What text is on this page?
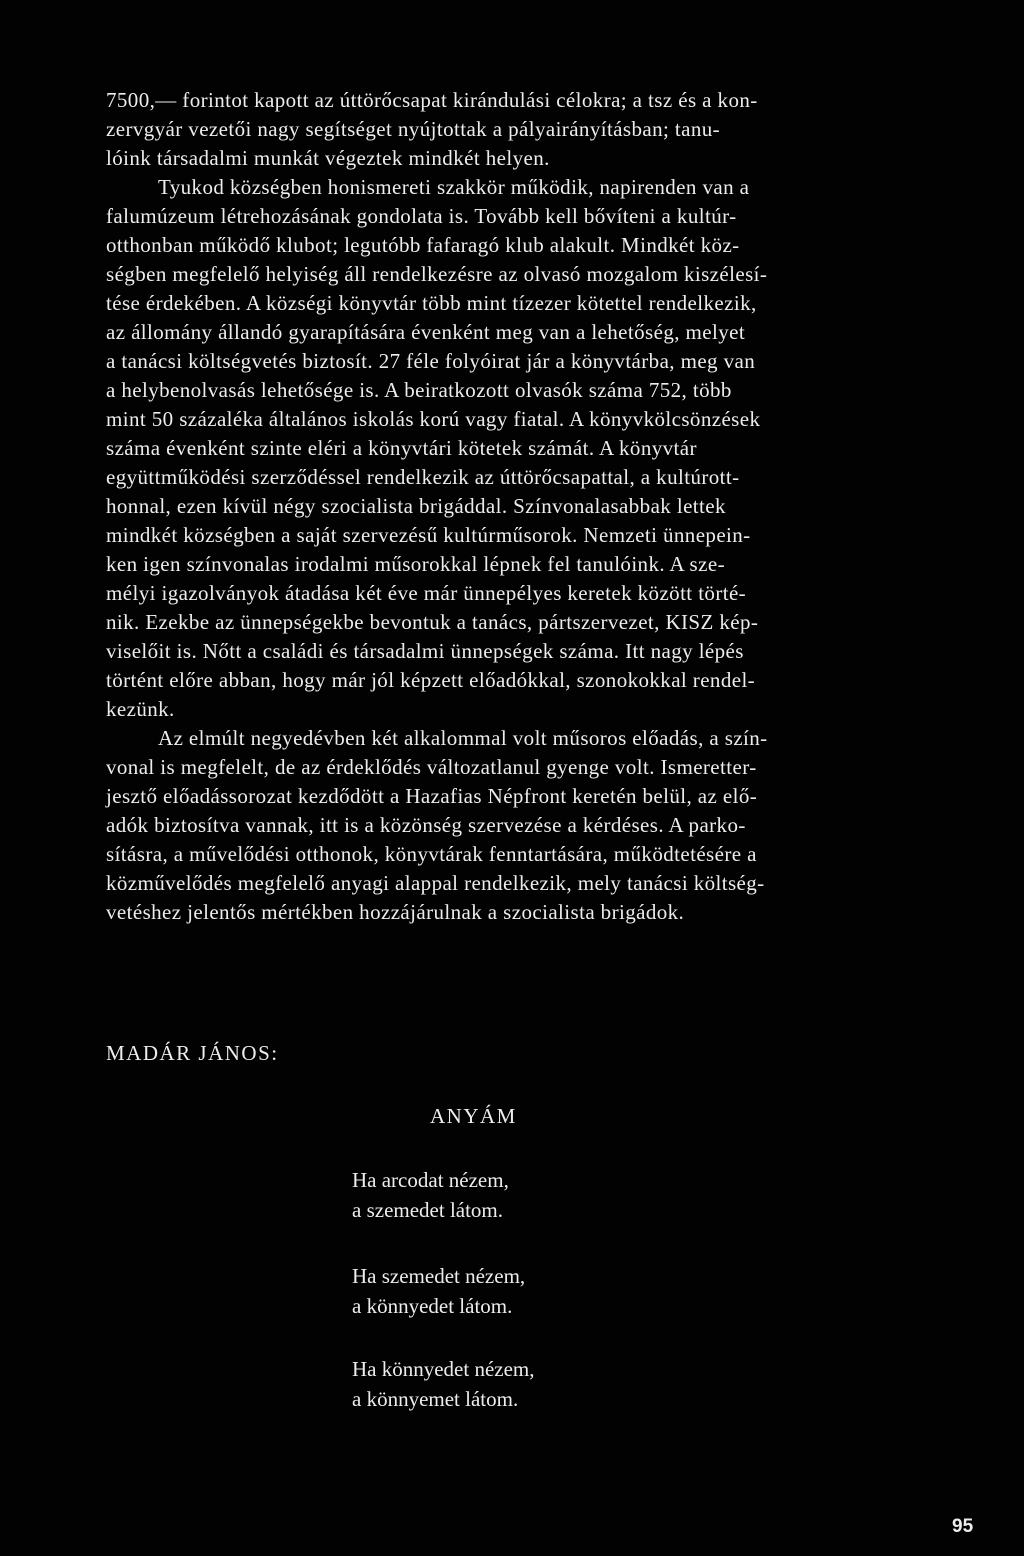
7500,— forintot kapott az úttörőcsapat kirándulási célokra; a tsz és a kon-
zervgyár vezetői nagy segítséget nyújtottak a pályairányításban; tanu-
lóink társadalmi munkát végeztek mindkét helyen.
Tyukod községben honismereti szakkör működik, napirenden van a
falumúzeum létrehozásának gondolata is. Tovább kell bővíteni a kultúr-
otthonban működő klubot; legutóbb fafaragó klub alakult. Mindkét köz-
ségben megfelelő helyiség áll rendelkezésre az olvasó mozgalom kiszélesí-
tése érdekében. A községi könyvtár több mint tízezer kötettel rendelkezik,
az állomány állandó gyarapítására évenként meg van a lehetőség, melyet
a tanácsi költségvetés biztosít. 27 féle folyóirat jár a könyvtárba, meg van
a helybenolvasás lehetősége is. A beiratkozott olvasók száma 752, több
mint 50 százaléka általános iskolás korú vagy fiatal. A könyvkölcsönzések
száma évenként szinte eléri a könyvtári kötetek számát. A könyvtár
együttműködési szerződéssel rendelkezik az úttörőcsapattal, a kultúrott-
honnal, ezen kívül négy szocialista brigáddal. Színvonalasabbak lettek
mindkét községben a saját szervezésű kultúrműsorok. Nemzeti ünnepein-
ken igen színvonalas irodalmi műsorokkal lépnek fel tanulóink. A sze-
mélyi igazolványok átadása két éve már ünnepélyes keretek között törté-
nik. Ezekbe az ünnepségekbe bevontuk a tanács, pártszervezet, KISZ kép-
viselőit is. Nőtt a családi és társadalmi ünnepségek száma. Itt nagy lépés
történt előre abban, hogy már jól képzett előadókkal, szonokokkal rendel-
kezünk.
Az elmúlt negyedévben két alkalommal volt műsoros előadás, a szín-
vonal is megfelelt, de az érdeklődés változatlanul gyenge volt. Ismeretter-
jesztő előadássorozat kezdődött a Hazafias Népfront keretén belül, az elő-
adók biztosítva vannak, itt is a közönség szervezése a kérdéses. A parko-
sításra, a művelődési otthonok, könyvtárak fenntartására, működtetésére a
közművelődés megfelelő anyagi alappal rendelkezik, mely tanácsi költség-
vetéshez jelentős mértékben hozzájárulnak a szocialista brigádok.
MADÁR JÁNOS:
ANYÁM
Ha arcodat nézem,
a szemedet látom.
Ha szemedet nézem,
a könnyedet látom.
Ha könnyedet nézem,
a könnyemet látom.
95
